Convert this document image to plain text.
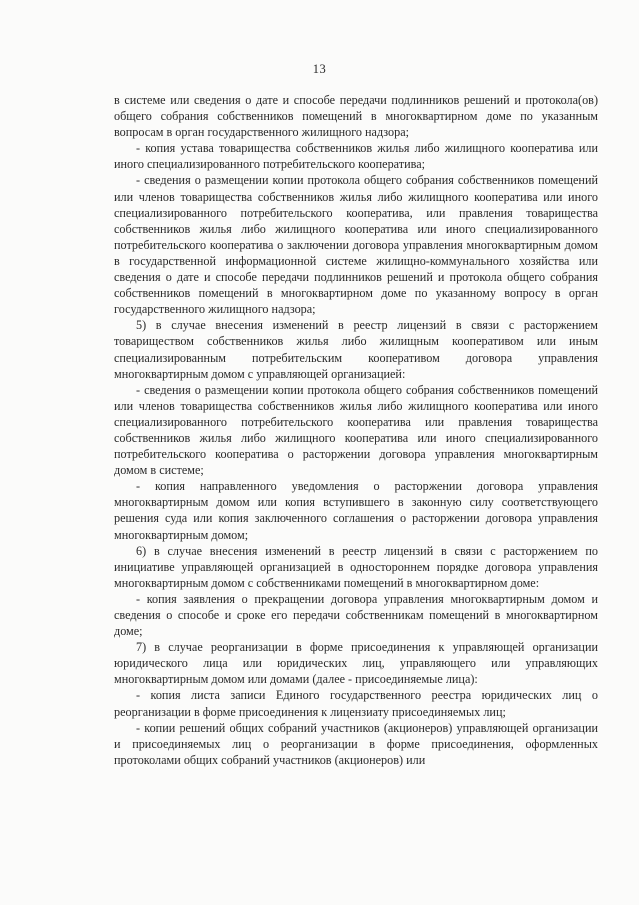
13

в системе или сведения о дате и способе передачи подлинников решений и протокола(ов) общего собрания собственников помещений в многоквартирном доме по указанным вопросам в орган государственного жилищного надзора;

- копия устава товарищества собственников жилья либо жилищного кооператива или иного специализированного потребительского кооператива;

- сведения о размещении копии протокола общего собрания собственников помещений или членов товарищества собственников жилья либо жилищного кооператива или иного специализированного потребительского кооператива, или правления товарищества собственников жилья либо жилищного кооператива или иного специализированного потребительского кооператива о заключении договора управления многоквартирным домом в государственной информационной системе жилищно-коммунального хозяйства или сведения о дате и способе передачи подлинников решений и протокола общего собрания собственников помещений в многоквартирном доме по указанному вопросу в орган государственного жилищного надзора;

5) в случае внесения изменений в реестр лицензий в связи с расторжением товариществом собственников жилья либо жилищным кооперативом или иным специализированным потребительским кооперативом договора управления многоквартирным домом с управляющей организацией:

- сведения о размещении копии протокола общего собрания собственников помещений или членов товарищества собственников жилья либо жилищного кооператива или иного специализированного потребительского кооператива или правления товарищества собственников жилья либо жилищного кооператива или иного специализированного потребительского кооператива о расторжении договора управления многоквартирным домом в системе;

- копия направленного уведомления о расторжении договора управления многоквартирным домом или копия вступившего в законную силу соответствующего решения суда или копия заключенного соглашения о расторжении договора управления многоквартирным домом;

6) в случае внесения изменений в реестр лицензий в связи с расторжением по инициативе управляющей организацией в одностороннем порядке договора управления многоквартирным домом с собственниками помещений в многоквартирном доме:

- копия заявления о прекращении договора управления многоквартирным домом и сведения о способе и сроке его передачи собственникам помещений в многоквартирном доме;

7) в случае реорганизации в форме присоединения к управляющей организации юридического лица или юридических лиц, управляющего или управляющих многоквартирным домом или домами (далее - присоединяемые лица):

- копия листа записи Единого государственного реестра юридических лиц о реорганизации в форме присоединения к лицензиату присоединяемых лиц;

- копии решений общих собраний участников (акционеров) управляющей организации и присоединяемых лиц о реорганизации в форме присоединения, оформленных протоколами общих собраний участников (акционеров) или
